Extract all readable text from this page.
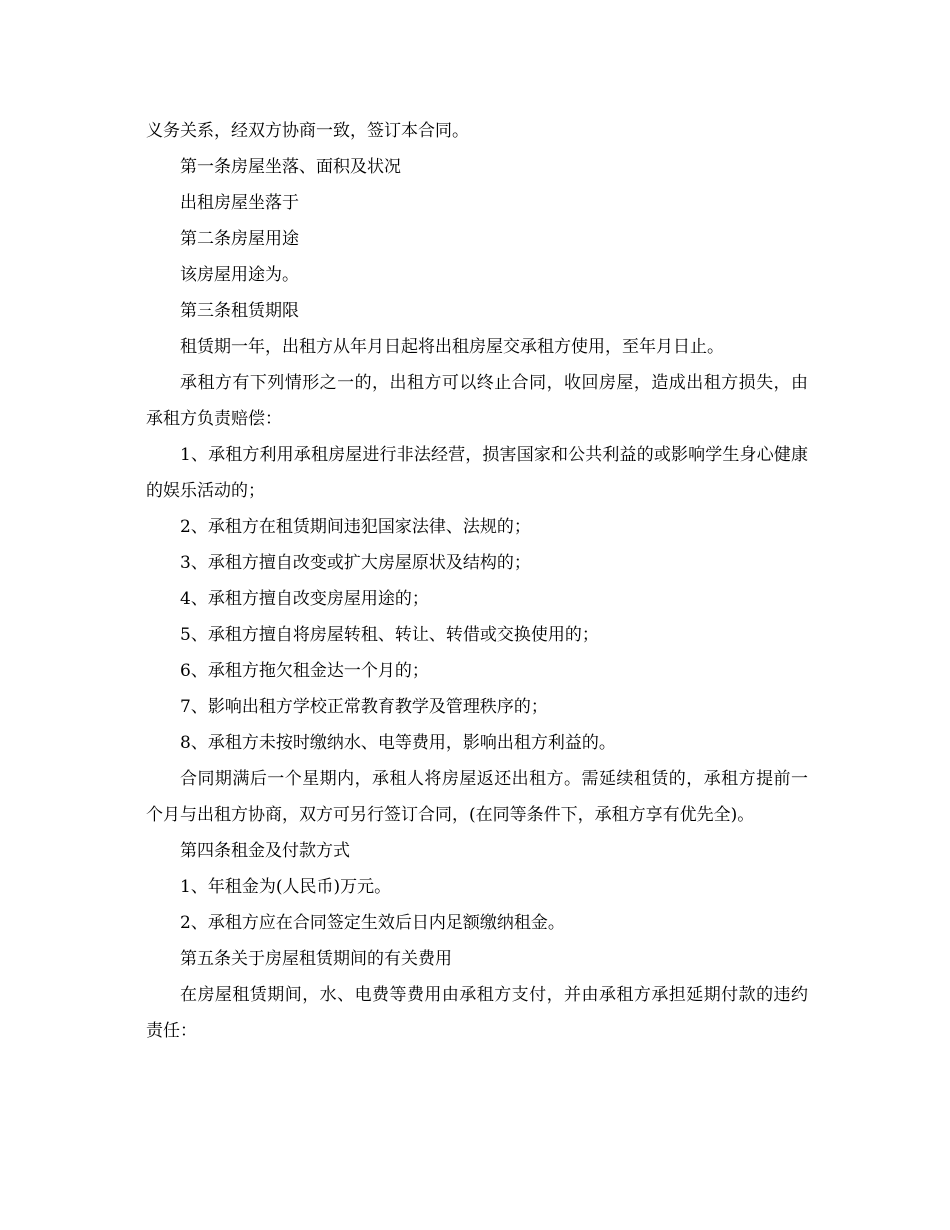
义务关系，经双方协商一致，签订本合同。

第一条房屋坐落、面积及状况

出租房屋坐落于

第二条房屋用途

该房屋用途为。

第三条租赁期限

租赁期一年，出租方从年月日起将出租房屋交承租方使用，至年月日止。

承租方有下列情形之一的，出租方可以终止合同，收回房屋，造成出租方损失，由承租方负责赔偿：

1、承租方利用承租房屋进行非法经营，损害国家和公共利益的或影响学生身心健康的娱乐活动的；

2、承租方在租赁期间违犯国家法律、法规的；

3、承租方擅自改变或扩大房屋原状及结构的；

4、承租方擅自改变房屋用途的；

5、承租方擅自将房屋转租、转让、转借或交换使用的；

6、承租方拖欠租金达一个月的；

7、影响出租方学校正常教育教学及管理秩序的；

8、承租方未按时缴纳水、电等费用，影响出租方利益的。

合同期满后一个星期内，承租人将房屋返还出租方。需延续租赁的，承租方提前一个月与出租方协商，双方可另行签订合同，(在同等条件下，承租方享有优先全)。

第四条租金及付款方式

1、年租金为(人民币)万元。

2、承租方应在合同签定生效后日内足额缴纳租金。

第五条关于房屋租赁期间的有关费用

在房屋租赁期间，水、电费等费用由承租方支付，并由承租方承担延期付款的违约责任：
